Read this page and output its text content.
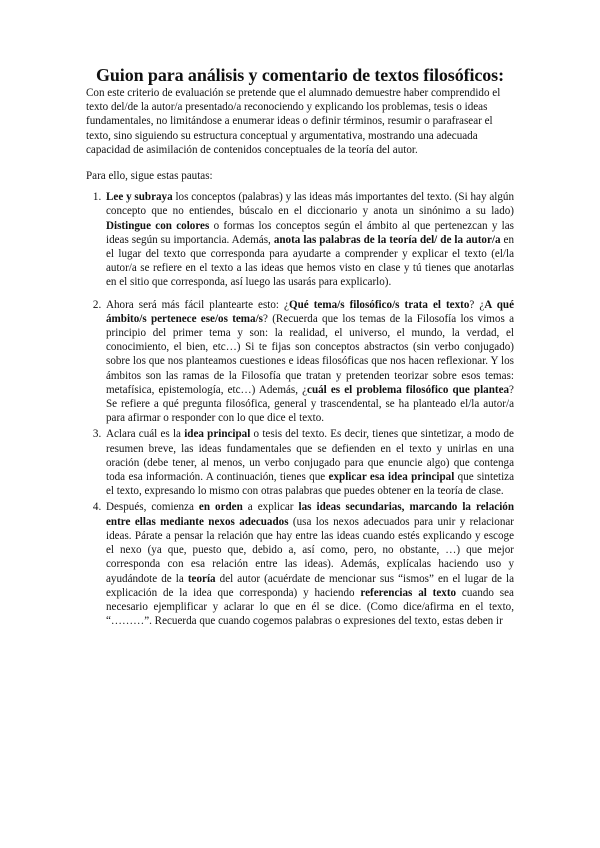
Guion para análisis y comentario de textos filosóficos:

Con este criterio de evaluación se pretende que el alumnado demuestre haber comprendido el texto del/de la autor/a presentado/a reconociendo y explicando los problemas, tesis o ideas fundamentales, no limitándose a enumerar ideas o definir términos, resumir o parafrasear el texto, sino siguiendo su estructura conceptual y argumentativa, mostrando una adecuada capacidad de asimilación de contenidos conceptuales de la teoría del autor.

Para ello, sigue estas pautas:

1. Lee y subraya los conceptos (palabras) y las ideas más importantes del texto. (Si hay algún concepto que no entiendes, búscalo en el diccionario y anota un sinónimo a su lado) Distingue con colores o formas los conceptos según el ámbito al que pertenezcan y las ideas según su importancia. Además, anota las palabras de la teoría del/ de la autor/a en el lugar del texto que corresponda para ayudarte a comprender y explicar el texto (el/la autor/a se refiere en el texto a las ideas que hemos visto en clase y tú tienes que anotarlas en el sitio que corresponda, así luego las usarás para explicarlo).
2. Ahora será más fácil plantearte esto: ¿Qué tema/s filosófico/s trata el texto? ¿A qué ámbito/s pertenece ese/os tema/s? (Recuerda que los temas de la Filosofía los vimos a principio del primer tema y son: la realidad, el universo, el mundo, la verdad, el conocimiento, el bien, etc…) Si te fijas son conceptos abstractos (sin verbo conjugado) sobre los que nos planteamos cuestiones e ideas filosóficas que nos hacen reflexionar. Y los ámbitos son las ramas de la Filosofía que tratan y pretenden teorizar sobre esos temas: metafísica, epistemología, etc…) Además, ¿cuál es el problema filosófico que plantea? Se refiere a qué pregunta filosófica, general y trascendental, se ha planteado el/la autor/a para afirmar o responder con lo que dice el texto.
3. Aclara cuál es la idea principal o tesis del texto. Es decir, tienes que sintetizar, a modo de resumen breve, las ideas fundamentales que se defienden en el texto y unirlas en una oración (debe tener, al menos, un verbo conjugado para que enuncie algo) que contenga toda esa información. A continuación, tienes que explicar esa idea principal que sintetiza el texto, expresando lo mismo con otras palabras que puedes obtener en la teoría de clase.
4. Después, comienza en orden a explicar las ideas secundarias, marcando la relación entre ellas mediante nexos adecuados (usa los nexos adecuados para unir y relacionar ideas. Párate a pensar la relación que hay entre las ideas cuando estés explicando y escoge el nexo (ya que, puesto que, debido a, así como, pero, no obstante, …) que mejor corresponda con esa relación entre las ideas). Además, explícalas haciendo uso y ayudándote de la teoría del autor (acuérdate de mencionar sus “ismos” en el lugar de la explicación de la idea que corresponda) y haciendo referencias al texto cuando sea necesario ejemplificar y aclarar lo que en él se dice. (Como dice/afirma en el texto, “………”. Recuerda que cuando cogemos palabras o expresiones del texto, estas deben ir
